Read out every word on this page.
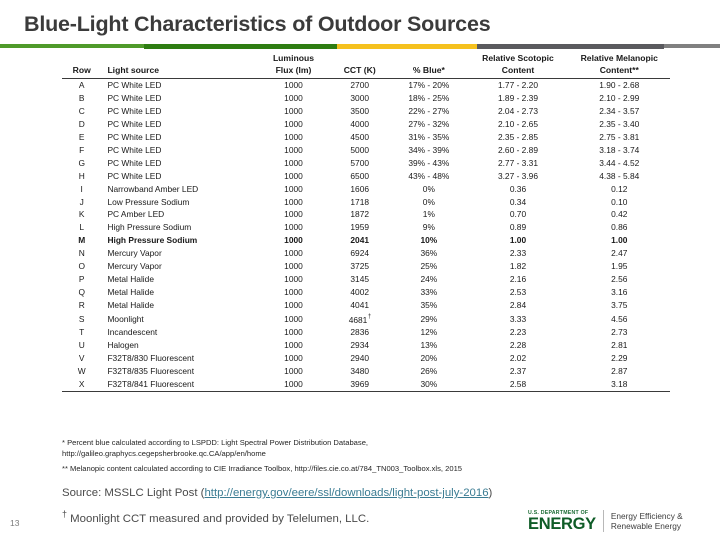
Blue-Light Characteristics of Outdoor Sources
		Luminous			Relative Scotopic	Relative Melanopic
Row	Light source	Flux (lm)	CCT (K)	% Blue*	Content	Content**
A	PC White LED	1000	2700	17% - 20%	1.77 - 2.20	1.90 - 2.68
B	PC White LED	1000	3000	18% - 25%	1.89 - 2.39	2.10 - 2.99
C	PC White LED	1000	3500	22% - 27%	2.04 - 2.73	2.34 - 3.57
D	PC White LED	1000	4000	27% - 32%	2.10 - 2.65	2.35 - 3.40
E	PC White LED	1000	4500	31% - 35%	2.35 - 2.85	2.75 - 3.81
F	PC White LED	1000	5000	34% - 39%	2.60 - 2.89	3.18 - 3.74
G	PC White LED	1000	5700	39% - 43%	2.77 - 3.31	3.44 - 4.52
H	PC White LED	1000	6500	43% - 48%	3.27 - 3.96	4.38 - 5.84
I	Narrowband Amber LED	1000	1606	0%	0.36	0.12
J	Low Pressure Sodium	1000	1718	0%	0.34	0.10
K	PC Amber LED	1000	1872	1%	0.70	0.42
L	High Pressure Sodium	1000	1959	9%	0.89	0.86
M	High Pressure Sodium	1000	2041	10%	1.00	1.00
N	Mercury Vapor	1000	6924	36%	2.33	2.47
O	Mercury Vapor	1000	3725	25%	1.82	1.95
P	Metal Halide	1000	3145	24%	2.16	2.56
Q	Metal Halide	1000	4002	33%	2.53	3.16
R	Metal Halide	1000	4041	35%	2.84	3.75
S	Moonlight	1000	4681†	29%	3.33	4.56
T	Incandescent	1000	2836	12%	2.23	2.73
U	Halogen	1000	2934	13%	2.28	2.81
V	F32T8/830 Fluorescent	1000	2940	20%	2.02	2.29
W	F32T8/835 Fluorescent	1000	3480	26%	2.37	2.87
X	F32T8/841 Fluorescent	1000	3969	30%	2.58	3.18
* Percent blue calculated according to LSPDD: Light Spectral Power Distribution Database,
http://galileo.graphycs.cegepsherbrooke.qc.CA/app/en/home
** Melanopic content calculated according to CIE Irradiance Toolbox, http://files.cie.co.at/784_TN003_Toolbox.xls, 2015
Source: MSSLC Light Post (http://energy.gov/eere/ssl/downloads/light-post-july-2016)
† Moonlight CCT measured and provided by Telelumen, LLC.
13
U.S. DEPARTMENT OF
ENERGY Energy Efficiency &
Renewable Energy
